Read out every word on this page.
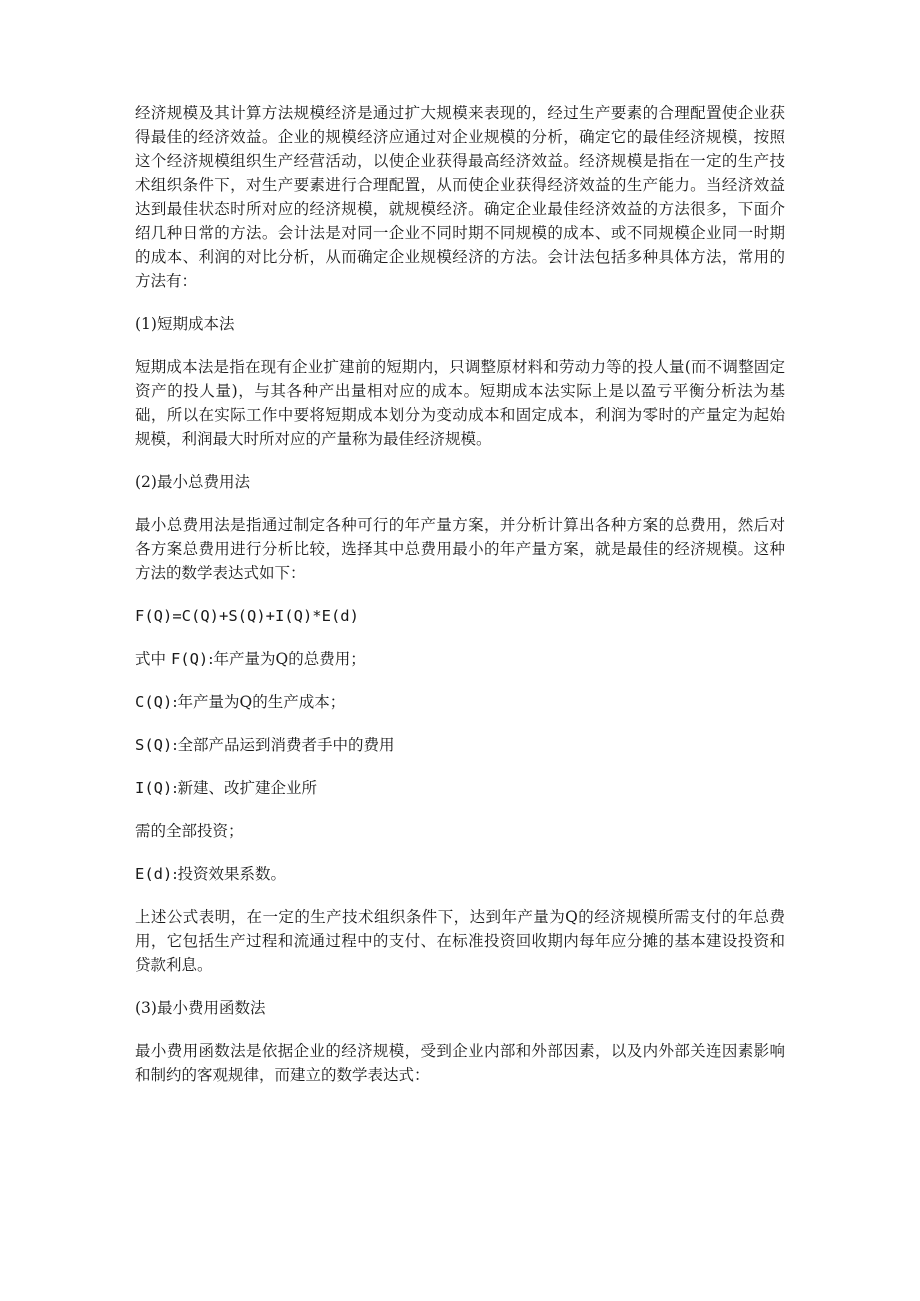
经济规模及其计算方法规模经济是通过扩大规模来表现的，经过生产要素的合理配置使企业获得最佳的经济效益。企业的规模经济应通过对企业规模的分析，确定它的最佳经济规模，按照这个经济规模组织生产经营活动，以使企业获得最高经济效益。经济规模是指在一定的生产技术组织条件下，对生产要素进行合理配置，从而使企业获得经济效益的生产能力。当经济效益达到最佳状态时所对应的经济规模，就规模经济。确定企业最佳经济效益的方法很多，下面介绍几种日常的方法。会计法是对同一企业不同时期不同规模的成本、或不同规模企业同一时期的成本、利润的对比分析，从而确定企业规模经济的方法。会计法包括多种具体方法，常用的方法有：

(1)短期成本法

短期成本法是指在现有企业扩建前的短期内，只调整原材料和劳动力等的投人量(而不调整固定资产的投人量)，与其各种产出量相对应的成本。短期成本法实际上是以盈亏平衡分析法为基础，所以在实际工作中要将短期成本划分为变动成本和固定成本，利润为零时的产量定为起始规模，利润最大时所对应的产量称为最佳经济规模。

(2)最小总费用法

最小总费用法是指通过制定各种可行的年产量方案，并分析计算出各种方案的总费用，然后对各方案总费用进行分析比较，选择其中总费用最小的年产量方案，就是最佳的经济规模。这种方法的数学表达式如下：

F(Q)=C(Q)+S(Q)+I(Q)*E(d)

式中 F(Q):年产量为Q的总费用；

C(Q):年产量为Q的生产成本；

S(Q):全部产品运到消费者手中的费用

I(Q):新建、改扩建企业所

需的全部投资；

E(d):投资效果系数。

上述公式表明，在一定的生产技术组织条件下，达到年产量为Q的经济规模所需支付的年总费用，它包括生产过程和流通过程中的支付、在标准投资回收期内每年应分摊的基本建设投资和贷款利息。

(3)最小费用函数法

最小费用函数法是依据企业的经济规模，受到企业内部和外部因素，以及内外部关连因素影响和制约的客观规律，而建立的数学表达式：
